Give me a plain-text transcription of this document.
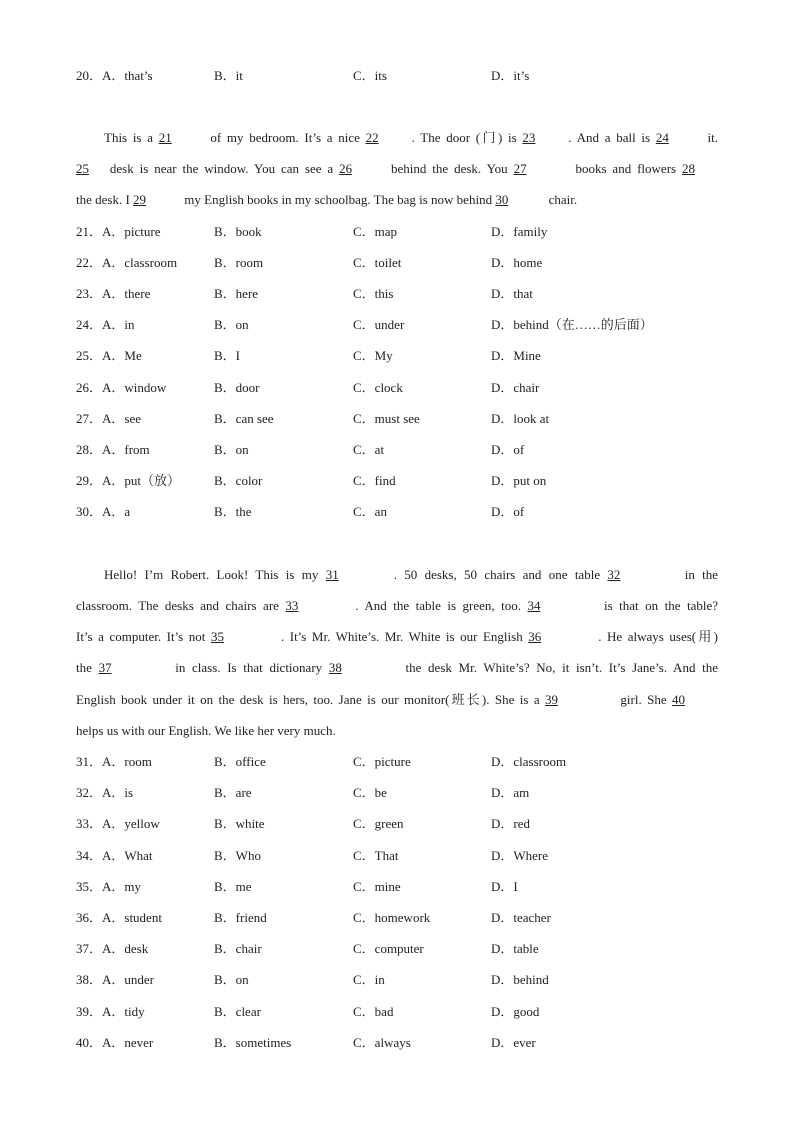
20．A．that’s	B．it	C．its	D．it’s
This is a 21	of my bedroom. It’s a nice 22	. The door (门) is 23	. And a ball is 24	it.
25 desk is near the window. You can see a 26	behind the desk. You 27	books and flowers 28
the desk. I 29	my English books in my schoolbag. The bag is now behind 30	chair.
21．A．picture	B．book	C．map	D．family
22．A．classroom	B．room	C．toilet	D．home
23．A．there	B．here	C．this	D．that
24．A．in	B．on	C．under	D．behind（在……的后面）
25．A．Me	B．I	C．My	D．Mine
26．A．window	B．door	C．clock	D．chair
27．A．see	B．can see	C．must see	D．look at
28．A．from	B．on	C．at	D．of
29．A．put（放）	B．color	C．find	D．put on
30．A．a	B．the	C．an	D．of
Hello! I’m Robert. Look! This is my 31	. 50 desks, 50 chairs and one table 32	in the
classroom. The desks and chairs are 33	. And the table is green, too. 34	is that on the table?
It’s a computer. It’s not 35	. It’s Mr. White’s. Mr. White is our English 36	. He always uses(用)
the 37	in class. Is that dictionary 38	the desk Mr. White’s? No, it isn’t. It’s Jane’s. And the
English book under it on the desk is hers, too. Jane is our monitor(班长). She is a 39	girl. She 40
helps us with our English. We like her very much.
31．A．room	B．office	C．picture	D．classroom
32．A．is	B．are	C．be	D．am
33．A．yellow	B．white	C．green	D．red
34．A．What	B．Who	C．That	D．Where
35．A．my	B．me	C．mine	D．I
36．A．student	B．friend	C．homework	D．teacher
37．A．desk	B．chair	C．computer	D．table
38．A．under	B．on	C．in	D．behind
39．A．tidy	B．clear	C．bad	D．good
40．A．never	B．sometimes	C．always	D．ever
